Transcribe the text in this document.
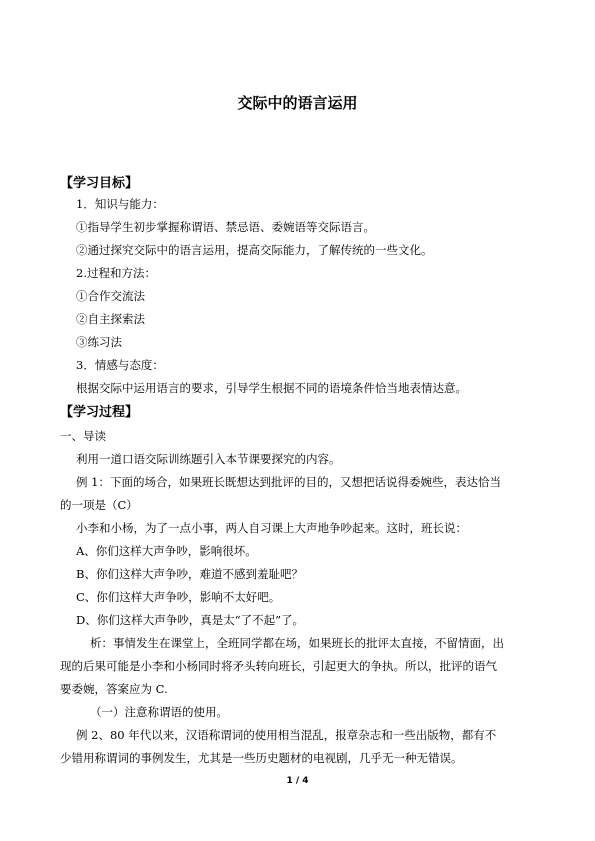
交际中的语言运用
【学习目标】
1．知识与能力：
①指导学生初步掌握称谓语、禁忌语、委婉语等交际语言。
②通过探究交际中的语言运用，提高交际能力，了解传统的一些文化。
2.过程和方法：
①合作交流法
②自主探索法
③练习法
3．情感与态度：
根据交际中运用语言的要求，引导学生根据不同的语境条件恰当地表情达意。
【学习过程】
一、导读
利用一道口语交际训练题引入本节课要探究的内容。
例 1：下面的场合，如果班长既想达到批评的目的，又想把话说得委婉些，表达恰当
的一项是（C）
小李和小杨，为了一点小事，两人自习课上大声地争吵起来。这时，班长说：
A、你们这样大声争吵，影响很坏。
B、你们这样大声争吵，难道不感到羞耻吧？
C、你们这样大声争吵，影响不太好吧。
D、你们这样大声争吵，真是太“了不起”了。
析：事情发生在课堂上，全班同学都在场，如果班长的批评太直接，不留情面，出
现的后果可能是小李和小杨同时将矛头转向班长，引起更大的争执。所以，批评的语气
要委婉，答案应为 C.
（一）注意称谓语的使用。
例 2、80 年代以来，汉语称谓词的使用相当混乱，报章杂志和一些出版物，都有不
少错用称谓词的事例发生，尤其是一些历史题材的电视剧，几乎无一种无错误。
1 / 4
